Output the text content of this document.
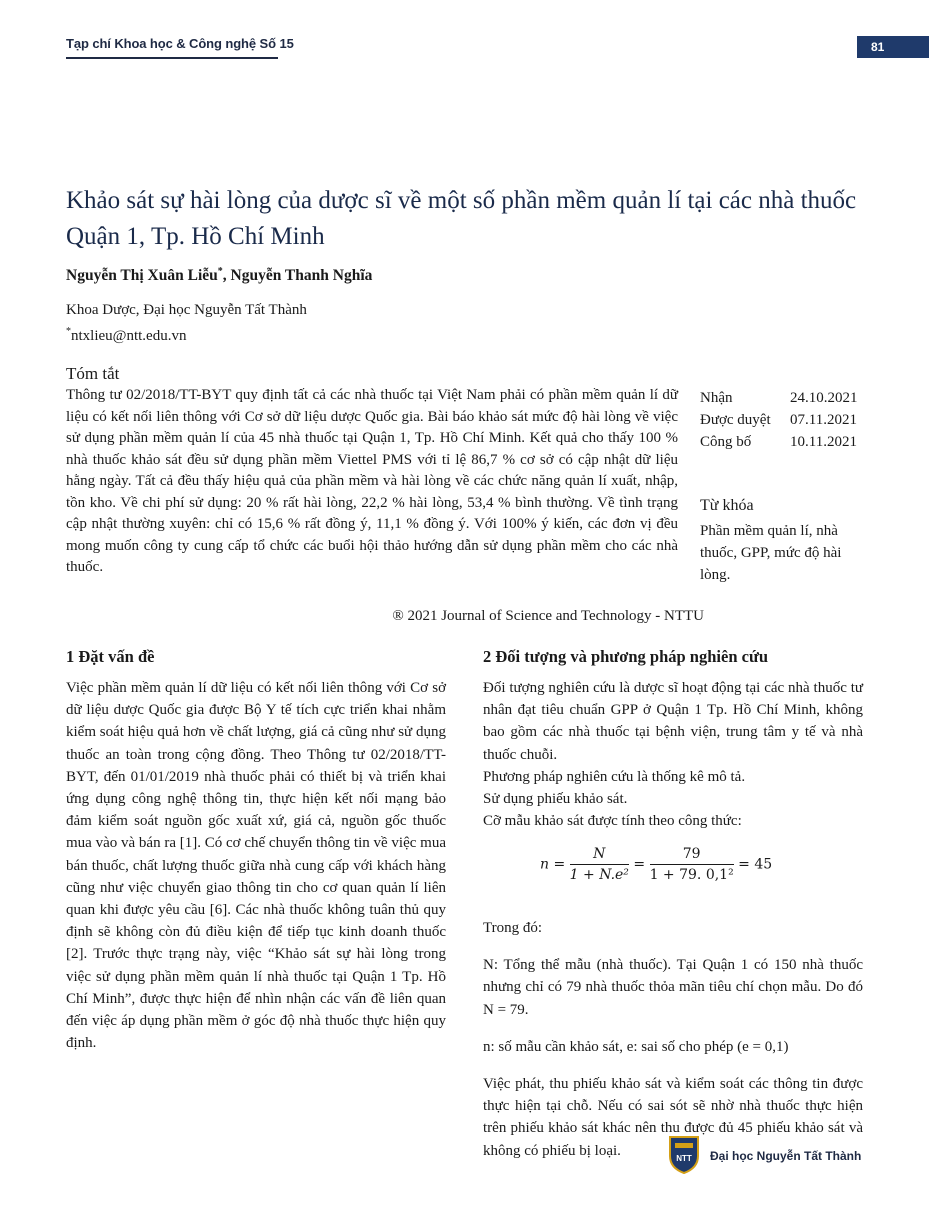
Tạp chí Khoa học & Công nghệ Số 15	81
Khảo sát sự hài lòng của dược sĩ về một số phần mềm quản lí tại các nhà thuốc Quận 1, Tp. Hồ Chí Minh
Nguyễn Thị Xuân Liễu*, Nguyễn Thanh Nghĩa
Khoa Dược, Đại học Nguyễn Tất Thành
*ntxlieu@ntt.edu.vn
Tóm tắt
Thông tư 02/2018/TT-BYT quy định tất cả các nhà thuốc tại Việt Nam phải có phần mềm quản lí dữ liệu có kết nối liên thông với Cơ sở dữ liệu dược Quốc gia. Bài báo khảo sát mức độ hài lòng về việc sử dụng phần mềm quản lí của 45 nhà thuốc tại Quận 1, Tp. Hồ Chí Minh. Kết quả cho thấy 100 % nhà thuốc khảo sát đều sử dụng phần mềm Viettel PMS với tỉ lệ 86,7 % cơ sở có cập nhật dữ liệu hằng ngày. Tất cả đều thấy hiệu quả của phần mềm và hài lòng về các chức năng quản lí xuất, nhập, tồn kho. Về chi phí sử dụng: 20 % rất hài lòng, 22,2 % hài lòng, 53,4 % bình thường. Về tình trạng cập nhật thường xuyên: chỉ có 15,6 % rất đồng ý, 11,1 % đồng ý. Với 100% ý kiến, các đơn vị đều mong muốn công ty cung cấp tổ chức các buổi hội thảo hướng dẫn sử dụng phần mềm cho các nhà thuốc.
® 2021 Journal of Science and Technology - NTTU
Nhận	24.10.2021
Được duyệt	07.11.2021
Công bố	10.11.2021
Từ khóa
Phần mềm quản lí, nhà thuốc, GPP, mức độ hài lòng.
1 Đặt vấn đề

Việc phần mềm quản lí dữ liệu có kết nối liên thông với Cơ sở dữ liệu dược Quốc gia được Bộ Y tế tích cực triển khai nhằm kiểm soát hiệu quả hơn về chất lượng, giá cả cũng như sử dụng thuốc an toàn trong cộng đồng. Theo Thông tư 02/2018/TT-BYT, đến 01/01/2019 nhà thuốc phải có thiết bị và triển khai ứng dụng công nghệ thông tin, thực hiện kết nối mạng bảo đảm kiểm soát nguồn gốc xuất xứ, giá cả, nguồn gốc thuốc mua vào và bán ra [1]. Có cơ chế chuyển thông tin về việc mua bán thuốc, chất lượng thuốc giữa nhà cung cấp với khách hàng cũng như việc chuyển giao thông tin cho cơ quan quản lí liên quan khi được yêu cầu [6]. Các nhà thuốc không tuân thủ quy định sẽ không còn đủ điều kiện để tiếp tục kinh doanh thuốc [2]. Trước thực trạng này, việc “Khảo sát sự hài lòng trong việc sử dụng phần mềm quản lí nhà thuốc tại Quận 1 Tp. Hồ Chí Minh”, được thực hiện để nhìn nhận các vấn đề liên quan đến việc áp dụng phần mềm ở góc độ nhà thuốc thực hiện quy định.

2 Đối tượng và phương pháp nghiên cứu

Đối tượng nghiên cứu là dược sĩ hoạt động tại các nhà thuốc tư nhân đạt tiêu chuẩn GPP ở Quận 1 Tp. Hồ Chí Minh, không bao gồm các nhà thuốc tại bệnh viện, trung tâm y tế và nhà thuốc chuỗi.

Phương pháp nghiên cứu là thống kê mô tả.

Sử dụng phiếu khảo sát.

Cỡ mẫu khảo sát được tính theo công thức:

$n = \frac{N}{\text{1 + N.e²}} = \frac{79}{\text{1 + 79. 0,1²}} = 45$

Trong đó:

N: Tổng thể mẫu (nhà thuốc). Tại Quận 1 có 150 nhà thuốc nhưng chỉ có 79 nhà thuốc thỏa mãn tiêu chí chọn mẫu. Do đó N = 79.

n: số mẫu cần khảo sát, e: sai số cho phép (e = 0,1)

Việc phát, thu phiếu khảo sát và kiểm soát các thông tin được thực hiện tại chỗ. Nếu có sai sót sẽ nhờ nhà thuốc thực hiện trên phiếu khảo sát khác nên thu được đủ 45 phiếu khảo sát và không có phiếu bị loại.	NTT Đại học Nguyễn Tất Thành
